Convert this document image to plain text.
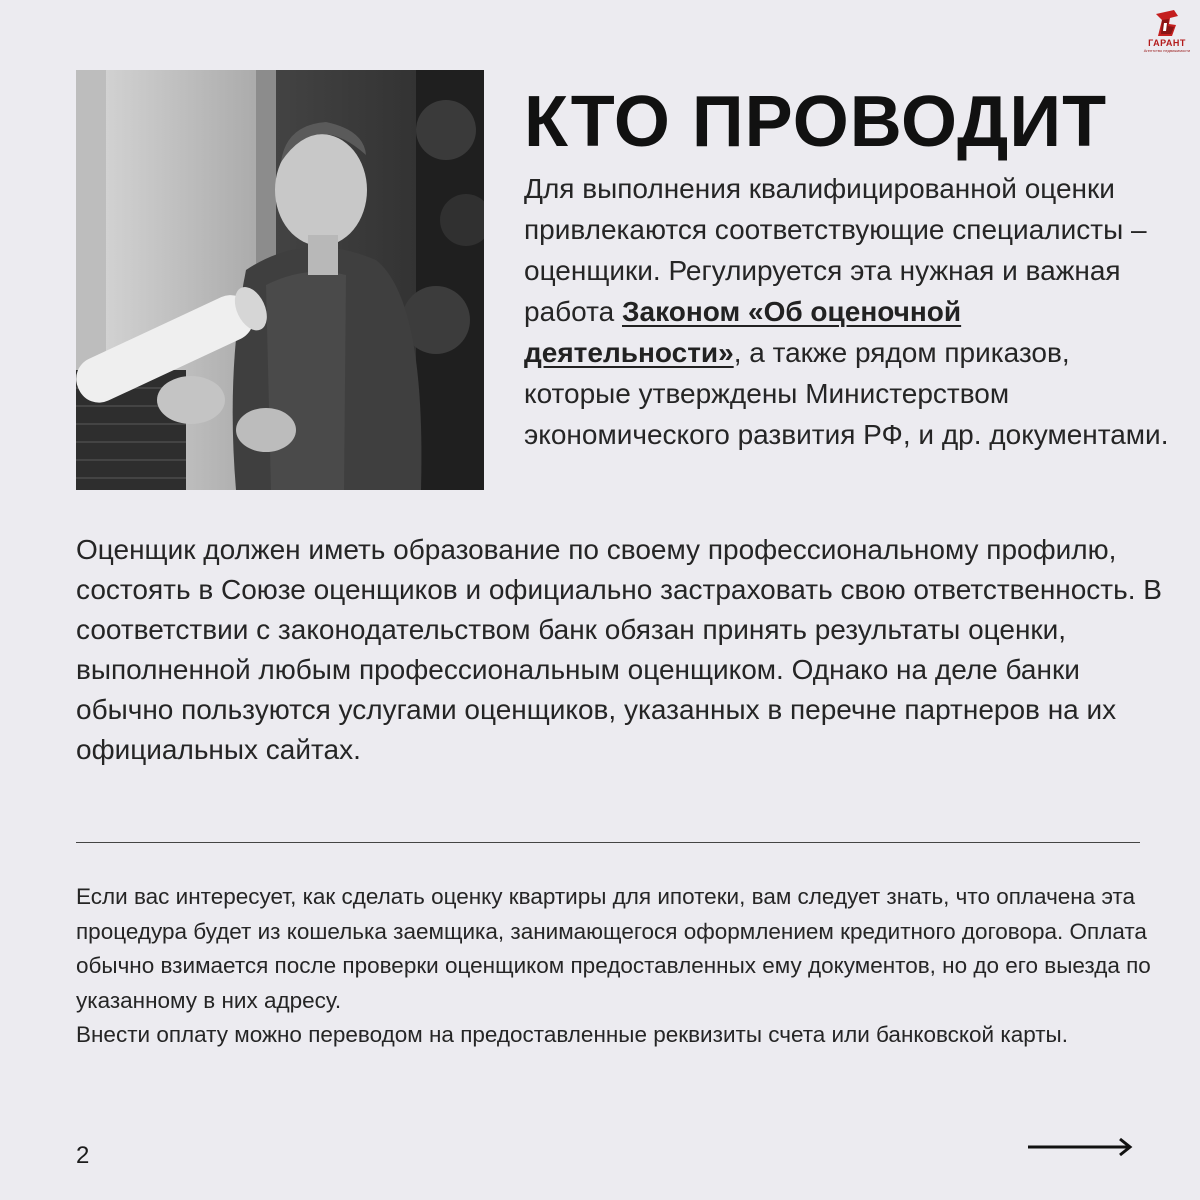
ГАРАНТ
Агентство недвижимости
КТО ПРОВОДИТ

Для выполнения квалифицированной оценки привлекаются соответствующие специалисты – оценщики. Регулируется эта нужная и важная работа Законом «Об оценочной деятельности», а также рядом приказов, которые утверждены Министерством экономического развития РФ, и др. документами.

Оценщик должен иметь образование по своему профессиональному профилю, состоять в Союзе оценщиков и официально застраховать свою ответственность. В соответствии с законодательством банк обязан принять результаты оценки, выполненной любым профессиональным оценщиком. Однако на деле банки обычно пользуются услугами оценщиков, указанных в перечне партнеров на их официальных сайтах.

Если вас интересует, как сделать оценку квартиры для ипотеки, вам следует знать, что оплачена эта процедура будет из кошелька заемщика, занимающегося оформлением кредитного договора. Оплата обычно взимается после проверки оценщиком предоставленных ему документов, но до его выезда по указанному в них адресу.
Внести оплату можно переводом на предоставленные реквизиты счета или банковской карты.

2
